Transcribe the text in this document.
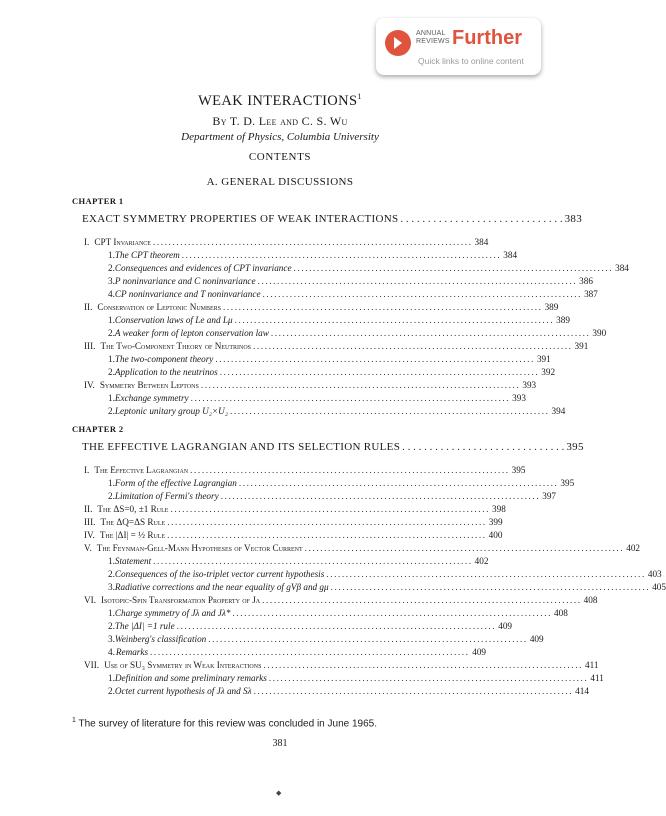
ANNUAL
REVIEWS Further
Quick links to online content
WEAK INTERACTIONS$^1$
By T. D. Lee and C. S. Wu
Department of Physics, Columbia University
CONTENTS
A. GENERAL DISCUSSIONS
CHAPTER 1
EXACT SYMMETRY PROPERTIES OF WEAK INTERACTIONS . . . . . . . . . . . . . . . . . . . . . . . . . . . . . . 383
I. CPT Invariance .................................................................................. 384
1. The CPT theorem .................................................................................. 384
2. Consequences and evidences of CPT invariance .................................................................................. 384
3. P noninvariance and C noninvariance .................................................................................. 386
4. CP noninvariance and T noninvariance .................................................................................. 387
II. Conservation of Leptonic Numbers .................................................................................. 389
1. Conservation laws of Le and Lμ .................................................................................. 389
2. A weaker form of lepton conservation law .................................................................................. 390
III. The Two-Component Theory of Neutrinos .................................................................................. 391
1. The two-component theory .................................................................................. 391
2. Application to the neutrinos .................................................................................. 392
IV. Symmetry Between Leptons .................................................................................. 393
1. Exchange symmetry .................................................................................. 393
2. Leptonic unitary group U₂×U₂ .................................................................................. 394
CHAPTER 2
THE EFFECTIVE LAGRANGIAN AND ITS SELECTION RULES . . . . . . . . . . . . . . . . . . . . . . . . . . . . . . 395
I. The Effective Lagrangian .................................................................................. 395
1. Form of the effective Lagrangian .................................................................................. 395
2. Limitation of Fermi's theory .................................................................................. 397
II. The ΔS=0, ±1 Rule .................................................................................. 398
III. The ΔQ=ΔS Rule .................................................................................. 399
IV. The |ΔI| = ½ Rule .................................................................................. 400
V. The Feynman-Gell-Mann Hypotheses of Vector Current .................................................................................. 402
1. Statement .................................................................................. 402
2. Consequences of the iso-triplet vector current hypothesis .................................................................................. 403
3. Radiative corrections and the near equality of gVβ and gμ .................................................................................. 405
VI. Isotopic-Spin Transformation Property of Jλ .................................................................................. 408
1. Charge symmetry of Jλ and Jλ* .................................................................................. 408
2. The |ΔI| =1 rule .................................................................................. 409
3. Weinberg's classification .................................................................................. 409
4. Remarks .................................................................................. 409
VII. Use of SU₃ Symmetry in Weak Interactions .................................................................................. 411
1. Definition and some preliminary remarks .................................................................................. 411
2. Octet current hypothesis of Jλ and Sλ .................................................................................. 414
$^1$ The survey of literature for this review was concluded in June 1965.
381
◆
